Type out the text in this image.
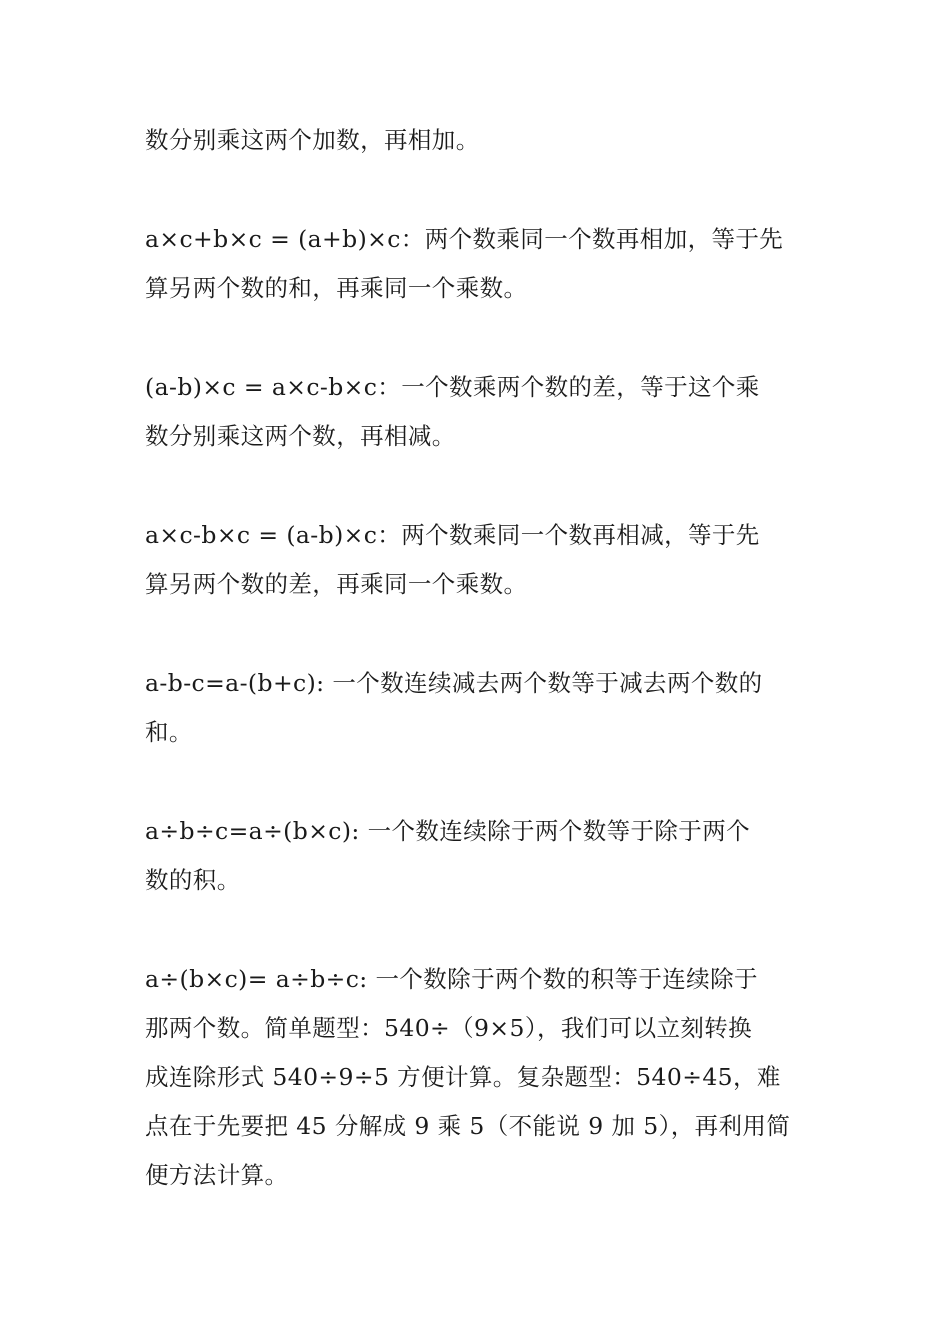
数分别乘这两个加数，再相加。

a×c+b×c = (a+b)×c：两个数乘同一个数再相加，等于先
算另两个数的和，再乘同一个乘数。

(a-b)×c = a×c-b×c：一个数乘两个数的差，等于这个乘
数分别乘这两个数，再相减。

a×c-b×c = (a-b)×c：两个数乘同一个数再相减，等于先
算另两个数的差，再乘同一个乘数。

a-b-c=a-(b+c): 一个数连续减去两个数等于减去两个数的
和。

a÷b÷c=a÷(b×c): 一个数连续除于两个数等于除于两个
数的积。

a÷(b×c)= a÷b÷c: 一个数除于两个数的积等于连续除于
那两个数。简单题型：540÷（9×5），我们可以立刻转换
成连除形式 540÷9÷5 方便计算。复杂题型：540÷45，难
点在于先要把 45 分解成 9 乘 5（不能说 9 加 5），再利用简
便方法计算。
